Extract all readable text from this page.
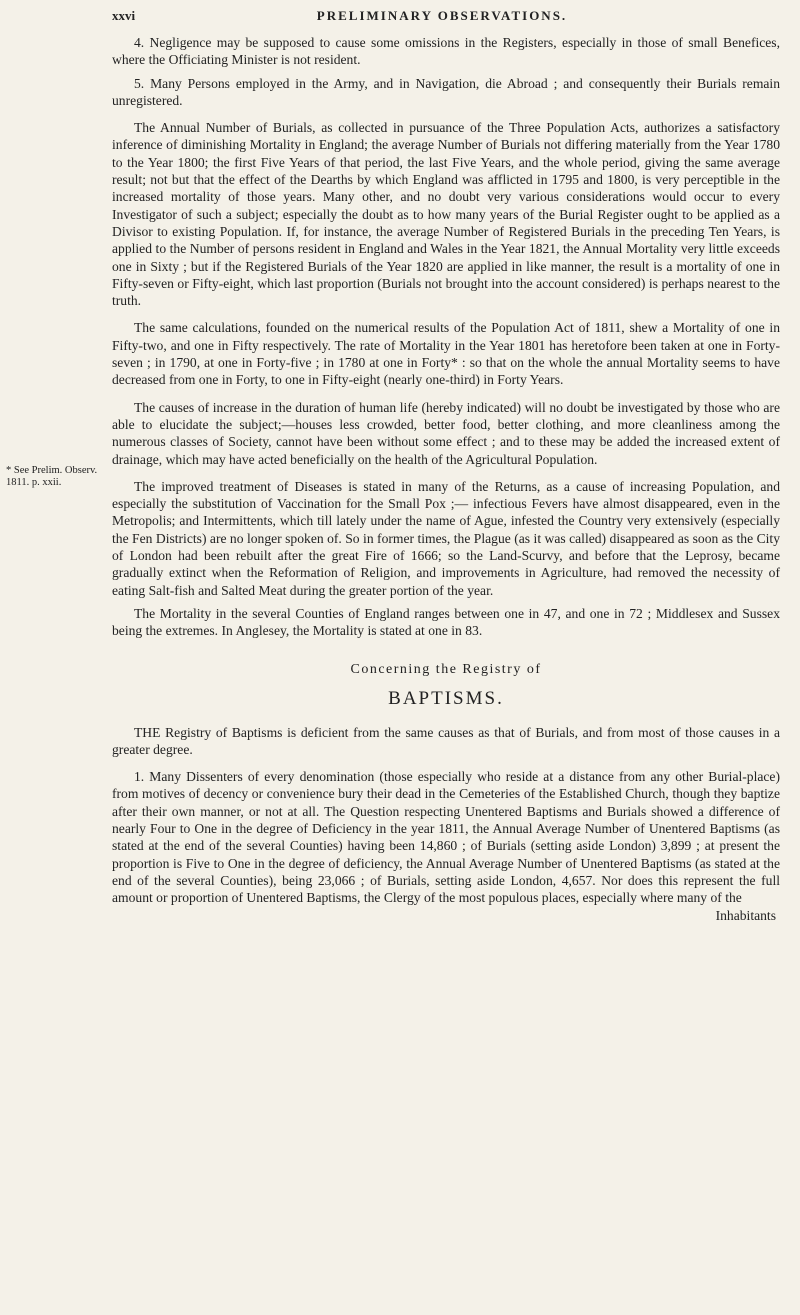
xxvi	PRELIMINARY OBSERVATIONS.
* See Prelim. Observ. 1811. p. xxii.

4. Negligence may be supposed to cause some omissions in the Registers, especially in those of small Benefices, where the Officiating Minister is not resident.

5. Many Persons employed in the Army, and in Navigation, die Abroad ; and consequently their Burials remain unregistered.

The Annual Number of Burials, as collected in pursuance of the Three Population Acts, authorizes a satisfactory inference of diminishing Mortality in England; the average Number of Burials not differing materially from the Year 1780 to the Year 1800; the first Five Years of that period, the last Five Years, and the whole period, giving the same average result; not but that the effect of the Dearths by which England was afflicted in 1795 and 1800, is very perceptible in the increased mortality of those years. Many other, and no doubt very various considerations would occur to every Investigator of such a subject; especially the doubt as to how many years of the Burial Register ought to be applied as a Divisor to existing Population. If, for instance, the average Number of Registered Burials in the preceding Ten Years, is applied to the Number of persons resident in England and Wales in the Year 1821, the Annual Mortality very little exceeds one in Sixty ; but if the Registered Burials of the Year 1820 are applied in like manner, the result is a mortality of one in Fifty-seven or Fifty-eight, which last proportion (Burials not brought into the account considered) is perhaps nearest to the truth.

The same calculations, founded on the numerical results of the Population Act of 1811, shew a Mortality of one in Fifty-two, and one in Fifty respectively. The rate of Mortality in the Year 1801 has heretofore been taken at one in Forty-seven ; in 1790, at one in Forty-five ; in 1780 at one in Forty* : so that on the whole the annual Mortality seems to have decreased from one in Forty, to one in Fifty-eight (nearly one-third) in Forty Years.

The causes of increase in the duration of human life (hereby indicated) will no doubt be investigated by those who are able to elucidate the subject;—houses less crowded, better food, better clothing, and more cleanliness among the numerous classes of Society, cannot have been without some effect ; and to these may be added the increased extent of drainage, which may have acted beneficially on the health of the Agricultural Population.

The improved treatment of Diseases is stated in many of the Returns, as a cause of increasing Population, and especially the substitution of Vaccination for the Small Pox ;— infectious Fevers have almost disappeared, even in the Metropolis; and Intermittents, which till lately under the name of Ague, infested the Country very extensively (especially the Fen Districts) are no longer spoken of. So in former times, the Plague (as it was called) disappeared as soon as the City of London had been rebuilt after the great Fire of 1666; so the Land-Scurvy, and before that the Leprosy, became gradually extinct when the Reformation of Religion, and improvements in Agriculture, had removed the necessity of eating Salt-fish and Salted Meat during the greater portion of the year.

The Mortality in the several Counties of England ranges between one in 47, and one in 72 ; Middlesex and Sussex being the extremes. In Anglesey, the Mortality is stated at one in 83.

Concerning the Registry of
BAPTISMS.

THE Registry of Baptisms is deficient from the same causes as that of Burials, and from most of those causes in a greater degree.

1. Many Dissenters of every denomination (those especially who reside at a distance from any other Burial-place) from motives of decency or convenience bury their dead in the Cemeteries of the Established Church, though they baptize after their own manner, or not at all. The Question respecting Unentered Baptisms and Burials showed a difference of nearly Four to One in the degree of Deficiency in the year 1811, the Annual Average Number of Unentered Baptisms (as stated at the end of the several Counties) having been 14,860 ; of Burials (setting aside London) 3,899 ; at present the proportion is Five to One in the degree of deficiency, the Annual Average Number of Unentered Baptisms (as stated at the end of the several Counties), being 23,066 ; of Burials, setting aside London, 4,657. Nor does this represent the full amount or proportion of Unentered Baptisms, the Clergy of the most populous places, especially where many of the

Inhabitants
